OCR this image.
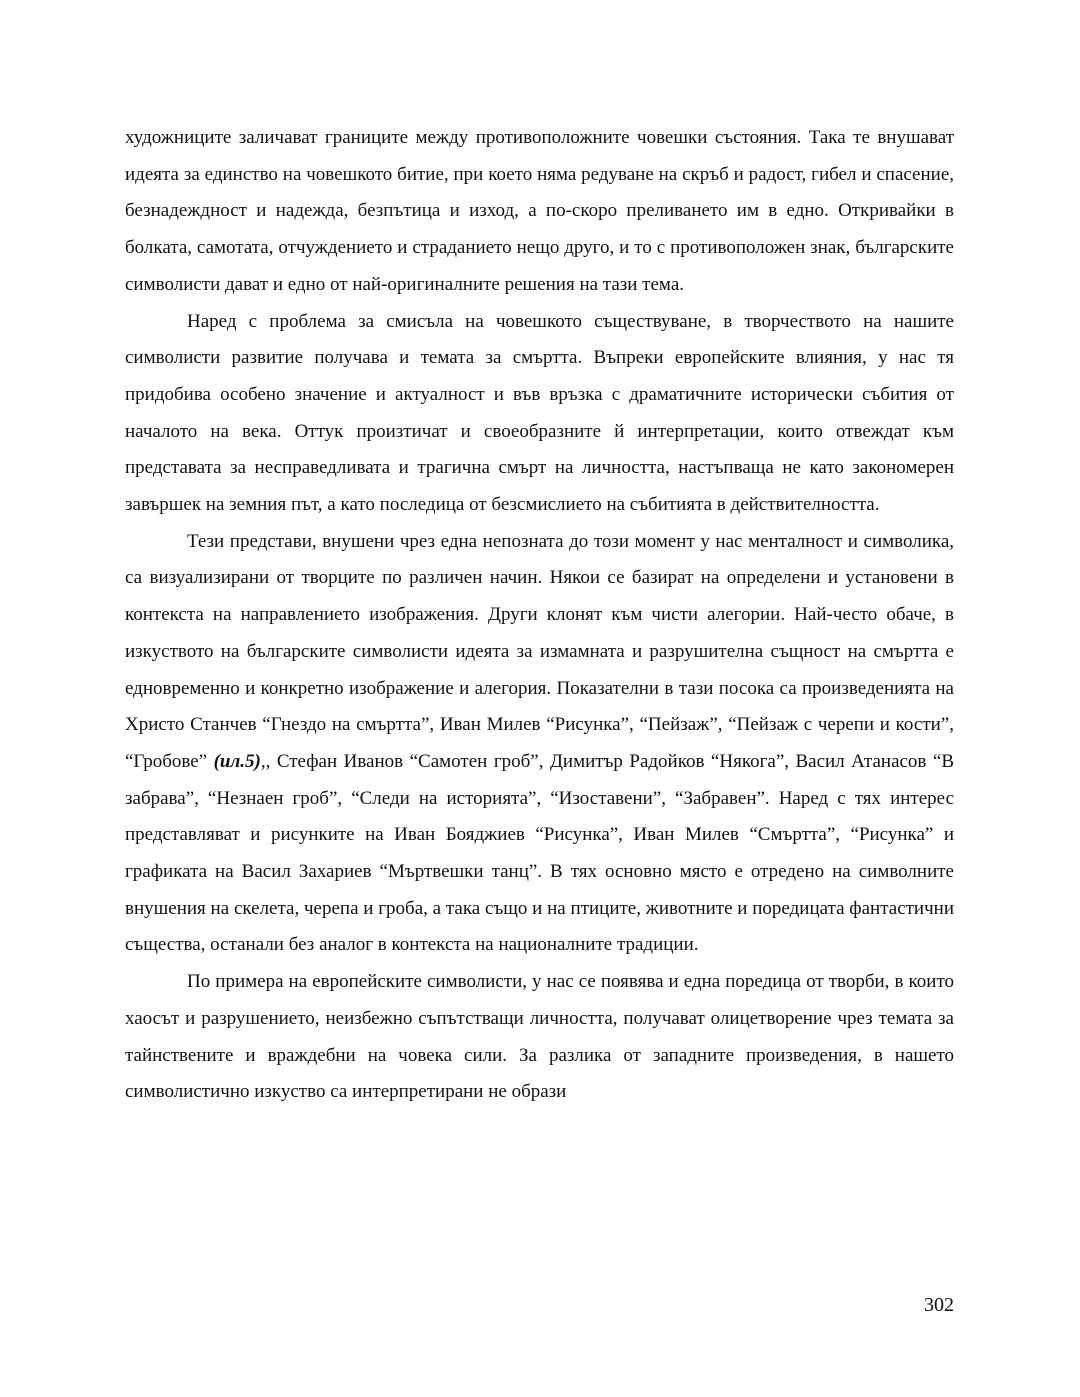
художниците заличават границите между противоположните човешки състояния. Така те внушават идеята за единство на човешкото битие, при което няма редуване на скръб и радост, гибел и спасение, безнадеждност и надежда, безпътица и изход, а по-скоро преливането им в едно. Откривайки в болката, самотата, отчуждението и страданието нещо друго, и то с противоположен знак, българските символисти дават и едно от най-оригиналните решения на тази тема.

Наред с проблема за смисъла на човешкото съществуване, в творчеството на нашите символисти развитие получава и темата за смъртта. Въпреки европейските влияния, у нас тя придобива особено значение и актуалност и във връзка с драматичните исторически събития от началото на века. Оттук произтичат и своеобразните й интерпретации, които отвеждат към представата за несправедливата и трагична смърт на личността, настъпваща не като закономерен завършек на земния път, а като последица от безсмислието на събитията в действителността.

Тези представи, внушени чрез една непозната до този момент у нас менталност и символика, са визуализирани от творците по различен начин. Някои се базират на определени и установени в контекста на направлението изображения. Други клонят към чисти алегории. Най-често обаче, в изкуството на българските символисти идеята за измамната и разрушителна същност на смъртта е едновременно и конкретно изображение и алегория. Показателни в тази посока са произведенията на Христо Станчев “Гнездо на смъртта”, Иван Милев “Рисунка”, “Пейзаж”, “Пейзаж с черепи и кости”, “Гробове” (ил.5),, Стефан Иванов “Самотен гроб”, Димитър Радойков “Някога”, Васил Атанасов “В забрава”, “Незнаен гроб”, “Следи на историята”, “Изоставени”, “Забравен”. Наред с тях интерес представляват и рисунките на Иван Бояджиев “Рисунка”, Иван Милев “Смъртта”, “Рисунка” и графиката на Васил Захариев “Мъртвешки танц”. В тях основно място е отредено на символните внушения на скелета, черепа и гроба, а така също и на птиците, животните и поредицата фантастични същества, останали без аналог в контекста на националните традиции.

По примера на европейските символисти, у нас се появява и една поредица от творби, в които хаосът и разрушението, неизбежно съпътстващи личността, получават олицетворение чрез темата за тайнствените и враждебни на човека сили. За разлика от западните произведения, в нашето символистично изкуство са интерпретирани не образи

302
